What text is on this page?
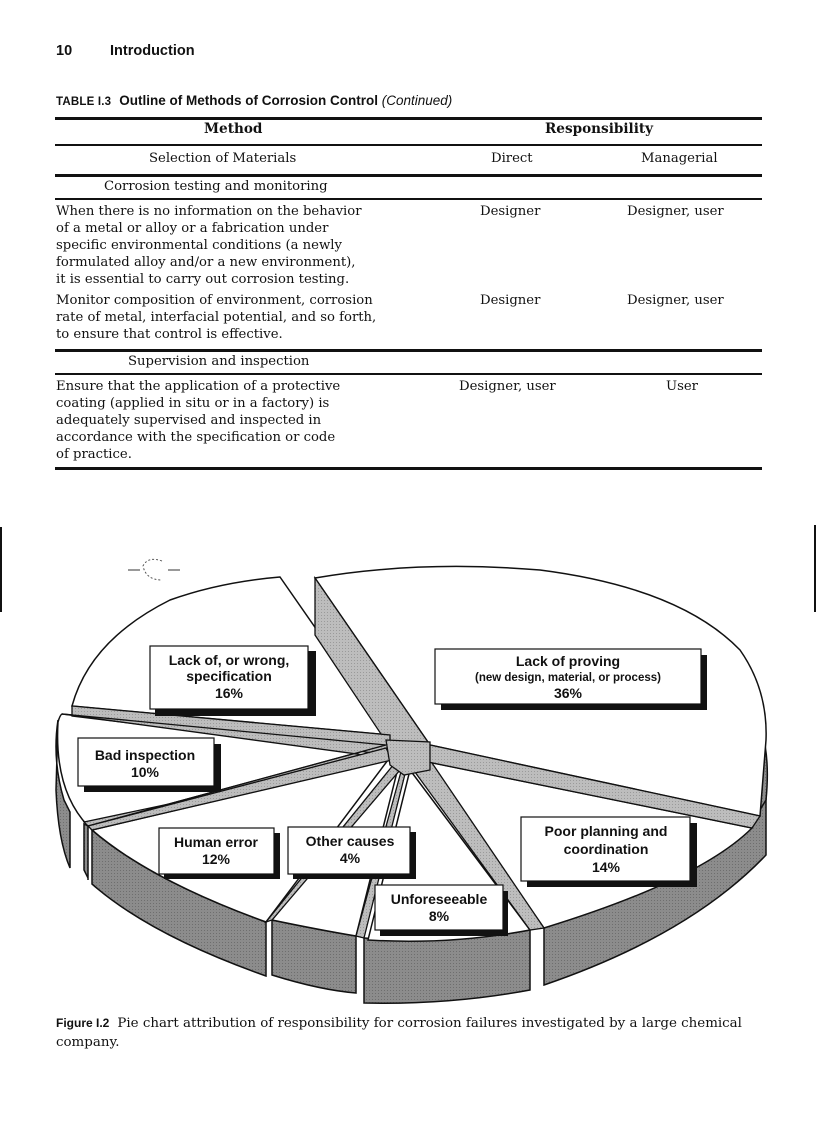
10	Introduction
TABLE I.3 Outline of Methods of Corrosion Control (Continued)
Method	Responsibility
Selection of Materials	Direct	Managerial
Corrosion testing and monitoring
When there is no information on the behavior
of a metal or alloy or a fabrication under
specific environmental conditions (a newly
formulated alloy and/or a new environment),
it is essential to carry out corrosion testing.
Designer	Designer, user
Monitor composition of environment, corrosion
rate of metal, interfacial potential, and so forth,
to ensure that control is effective.
Designer	Designer, user
Supervision and inspection
Ensure that the application of a protective
coating (applied in situ or in a factory) is
adequately supervised and inspected in
accordance with the specification or code
of practice.
Designer, user	User
Lack of, or wrong,
specification
16%
Lack of proving
(new design, material, or process)
36%
Bad inspection
10%
Human error
12%
Other causes
4%
Unforeseeable
8%
Poor planning and
coordination
14%
Figure I.2 Pie chart attribution of responsibility for corrosion failures investigated by a large chemical company.
